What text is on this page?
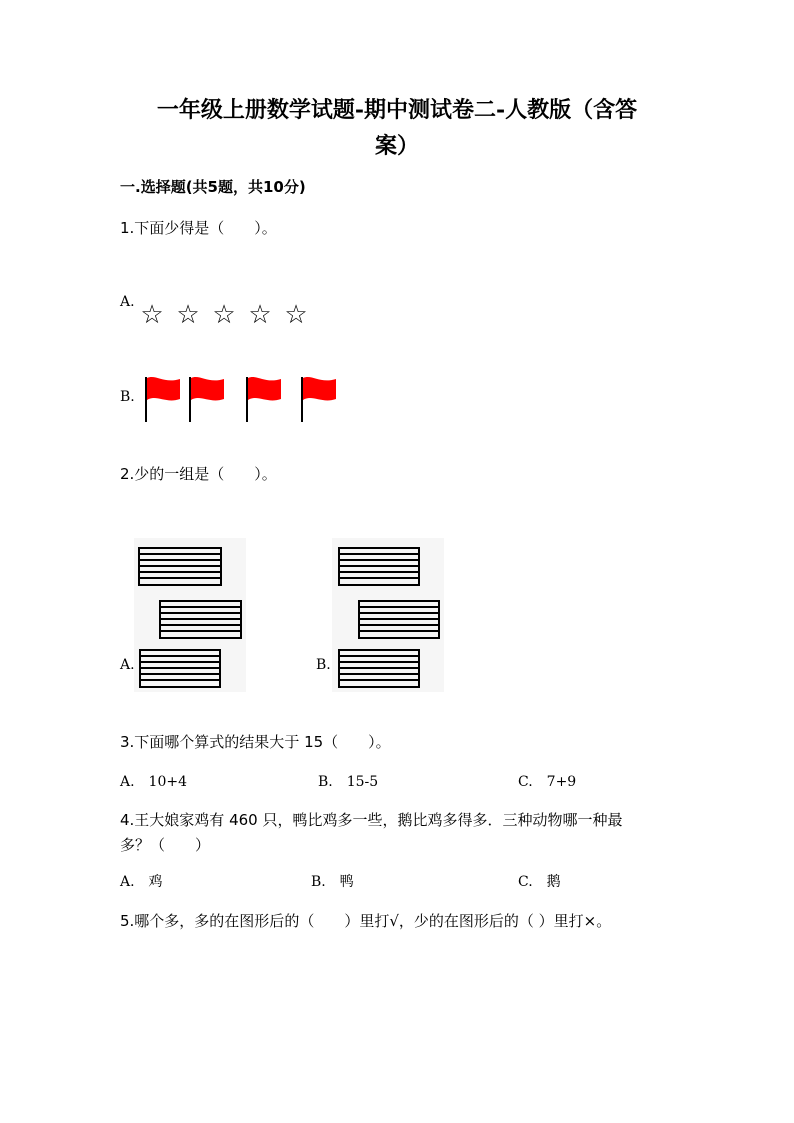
一年级上册数学试题-期中测试卷二-人教版（含答
案）
一.选择题(共5题，共10分)
1.下面少得是（　　）。
A. ☆ ☆ ☆ ☆ ☆
B.
2.少的一组是（　　）。
A.	B.
3.下面哪个算式的结果大于 15（　　）。
A.　10+4	B.　15-5	C.　7+9
4.王大娘家鸡有 460 只，鸭比鸡多一些，鹅比鸡多得多．三种动物哪一种最
多？（　　）
A.　鸡	B.　鸭	C.　鹅
5.哪个多，多的在图形后的（　　）里打√，少的在图形后的（ ）里打×。
